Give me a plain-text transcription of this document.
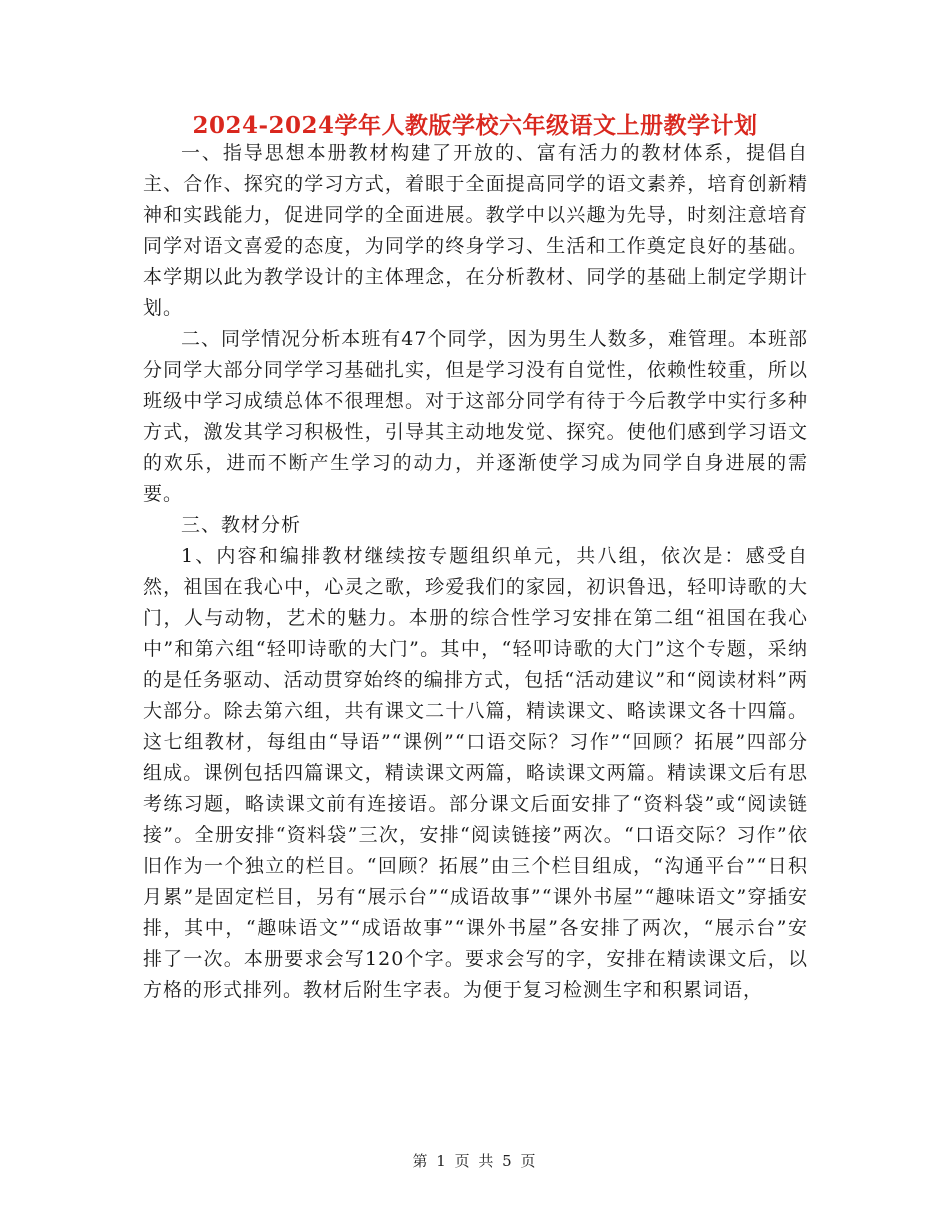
2024-2024学年人教版学校六年级语文上册教学计划

一、指导思想本册教材构建了开放的、富有活力的教材体系，提倡自主、合作、探究的学习方式，着眼于全面提高同学的语文素养，培育创新精神和实践能力，促进同学的全面进展。教学中以兴趣为先导，时刻注意培育同学对语文喜爱的态度，为同学的终身学习、生活和工作奠定良好的基础。本学期以此为教学设计的主体理念，在分析教材、同学的基础上制定学期计划。

二、同学情况分析本班有47个同学，因为男生人数多，难管理。本班部分同学大部分同学学习基础扎实，但是学习没有自觉性，依赖性较重，所以班级中学习成绩总体不很理想。对于这部分同学有待于今后教学中实行多种方式，激发其学习积极性，引导其主动地发觉、探究。使他们感到学习语文的欢乐，进而不断产生学习的动力，并逐渐使学习成为同学自身进展的需要。

三、教材分析

1、内容和编排教材继续按专题组织单元，共八组，依次是：感受自然，祖国在我心中，心灵之歌，珍爱我们的家园，初识鲁迅，轻叩诗歌的大门，人与动物，艺术的魅力。本册的综合性学习安排在第二组“祖国在我心中”和第六组“轻叩诗歌的大门”。其中，“轻叩诗歌的大门”这个专题，采纳的是任务驱动、活动贯穿始终的编排方式，包括“活动建议”和“阅读材料”两大部分。除去第六组，共有课文二十八篇，精读课文、略读课文各十四篇。这七组教材，每组由“导语”“课例”“口语交际？习作”“回顾？拓展”四部分组成。课例包括四篇课文，精读课文两篇，略读课文两篇。精读课文后有思考练习题，略读课文前有连接语。部分课文后面安排了“资料袋”或“阅读链接”。全册安排“资料袋”三次，安排“阅读链接”两次。“口语交际？习作”依旧作为一个独立的栏目。“回顾？拓展”由三个栏目组成，“沟通平台”“日积月累”是固定栏目，另有“展示台”“成语故事”“课外书屋”“趣味语文”穿插安排，其中，“趣味语文”“成语故事”“课外书屋”各安排了两次，“展示台”安排了一次。本册要求会写120个字。要求会写的字，安排在精读课文后，以方格的形式排列。教材后附生字表。为便于复习检测生字和积累词语，

第 1 页 共 5 页
